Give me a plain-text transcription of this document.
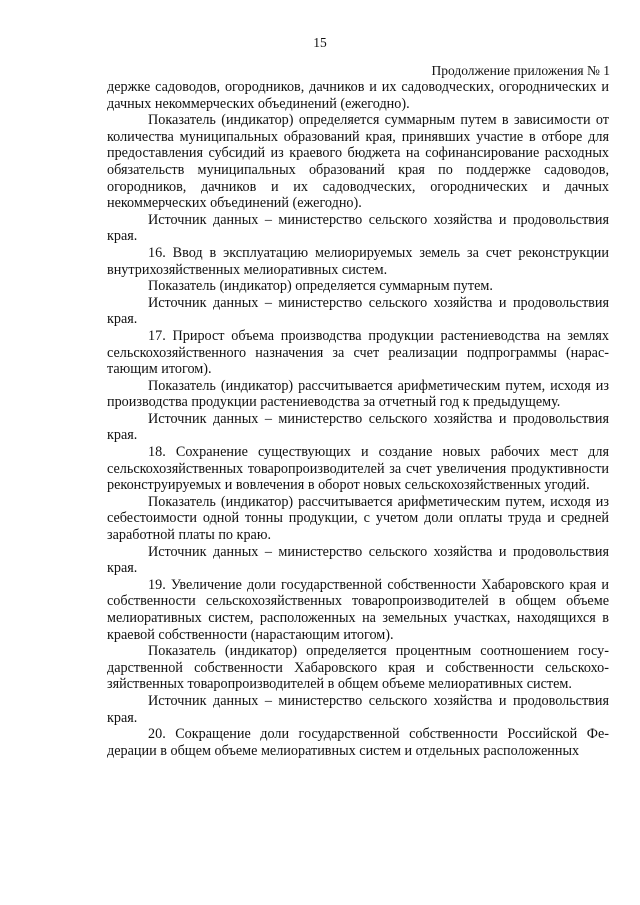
15
Продолжение приложения № 1

держке садоводов, огородников, дачников и их садоводческих, огороднических и дачных некоммерческих объединений (ежегодно).

Показатель (индикатор) определяется суммарным путем в зависимости от количества муниципальных образований края, принявших участие в отборе для предоставления субсидий из краевого бюджета на софинансирование расходных обязательств муниципальных образований края по поддержке садоводов, огородников, дачников и их садоводческих, огороднических и дачных некоммерческих объединений (ежегодно).

Источник данных – министерство сельского хозяйства и продовольствия края.

16. Ввод в эксплуатацию мелиорируемых земель за счет реконструкции внутрихозяйственных мелиоративных систем.

Показатель (индикатор) определяется суммарным путем.

Источник данных – министерство сельского хозяйства и продовольствия края.

17. Прирост объема производства продукции растениеводства на землях сельскохозяйственного назначения за счет реализации подпрограммы (нарастающим итогом).

Показатель (индикатор) рассчитывается арифметическим путем, исходя из производства продукции растениеводства за отчетный год к предыдущему.

Источник данных – министерство сельского хозяйства и продовольствия края.

18. Сохранение существующих и создание новых рабочих мест для сельскохозяйственных товаропроизводителей за счет увеличения продуктивности реконструируемых и вовлечения в оборот новых сельскохозяйственных угодий.

Показатель (индикатор) рассчитывается арифметическим путем, исходя из себестоимости одной тонны продукции, с учетом доли оплаты труда и средней заработной платы по краю.

Источник данных – министерство сельского хозяйства и продовольствия края.

19. Увеличение доли государственной собственности Хабаровского края и собственности сельскохозяйственных товаропроизводителей в общем объеме мелиоративных систем, расположенных на земельных участках, находящихся в краевой собственности (нарастающим итогом).

Показатель (индикатор) определяется процентным соотношением государственной собственности Хабаровского края и собственности сельскохозяйственных товаропроизводителей в общем объеме мелиоративных систем.

Источник данных – министерство сельского хозяйства и продовольствия края.

20. Сокращение доли государственной собственности Российской Федерации в общем объеме мелиоративных систем и отдельных расположенных
